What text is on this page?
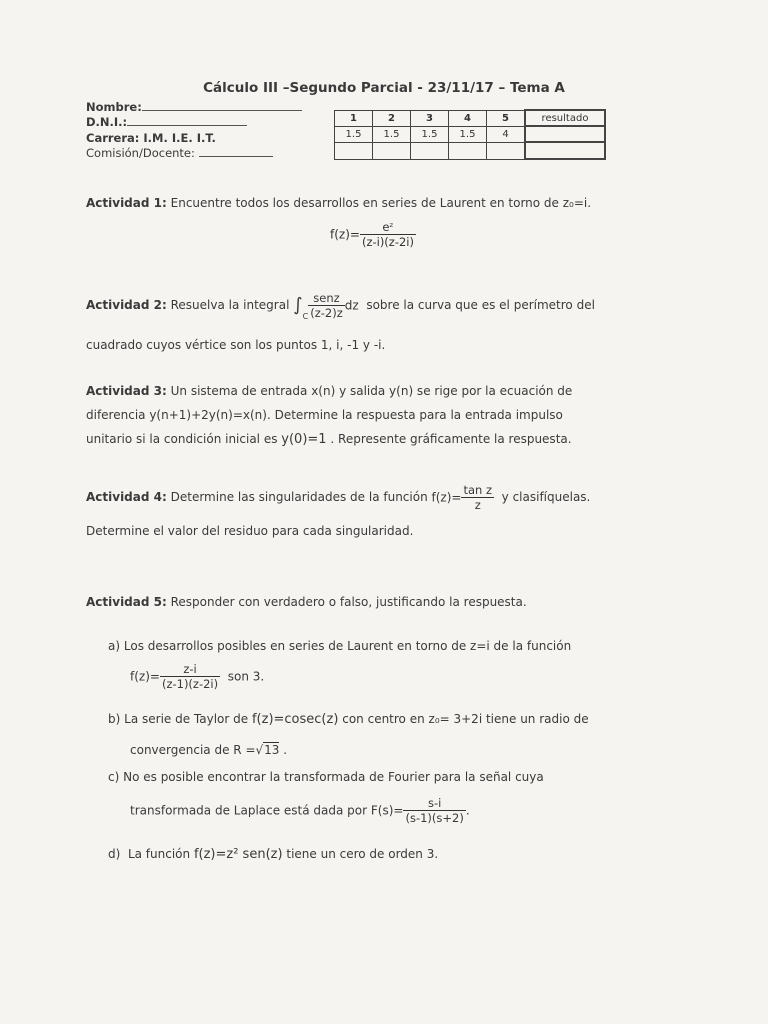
Cálculo III –Segundo Parcial - 23/11/17 – Tema A
Nombre:
D.N.I.:
Carrera: I.M. I.E. I.T.
Comisión/Docente:
1	2	3	4	5	resultado
1.5	1.5	1.5	1.5	4	

Actividad 1: Encuentre todos los desarrollos en series de Laurent en torno de z₀=i.
$f(z)= \frac{\text{eᶻ}}{(z-i)(z-2i)}$
Actividad 2: Resuelva la integral $\int_C \frac{\text{senz}}{(z-2)z}$ dz sobre la curva que es el perímetro del
cuadrado cuyos vértice son los puntos 1, i, -1 y -i.
Actividad 3: Un sistema de entrada x(n) y salida y(n) se rige por la ecuación de
diferencia y(n+1)+2y(n)=x(n). Determine la respuesta para la entrada impulso
unitario si la condición inicial es y(0)=1 . Represente gráficamente la respuesta.
Actividad 4: Determine las singularidades de la función $f(z)= \frac{\text{tan z}}{z}$ y clasifíquelas.
Determine el valor del residuo para cada singularidad.
Actividad 5: Responder con verdadero o falso, justificando la respuesta.
a) Los desarrollos posibles en series de Laurent en torno de z=i de la función
$f(z)= \frac{z-i}{(z-1)(z-2i)}$ son 3.
b) La serie de Taylor de f(z)=cosec(z) con centro en z₀= 3+2i tiene un radio de
convergencia de R =√13 .
c) No es posible encontrar la transformada de Fourier para la señal cuya
transformada de Laplace está dada por $F(s)= \frac{s-i}{(s-1)(s+2)}$ .
d) La función f(z)=z² sen(z) tiene un cero de orden 3.
